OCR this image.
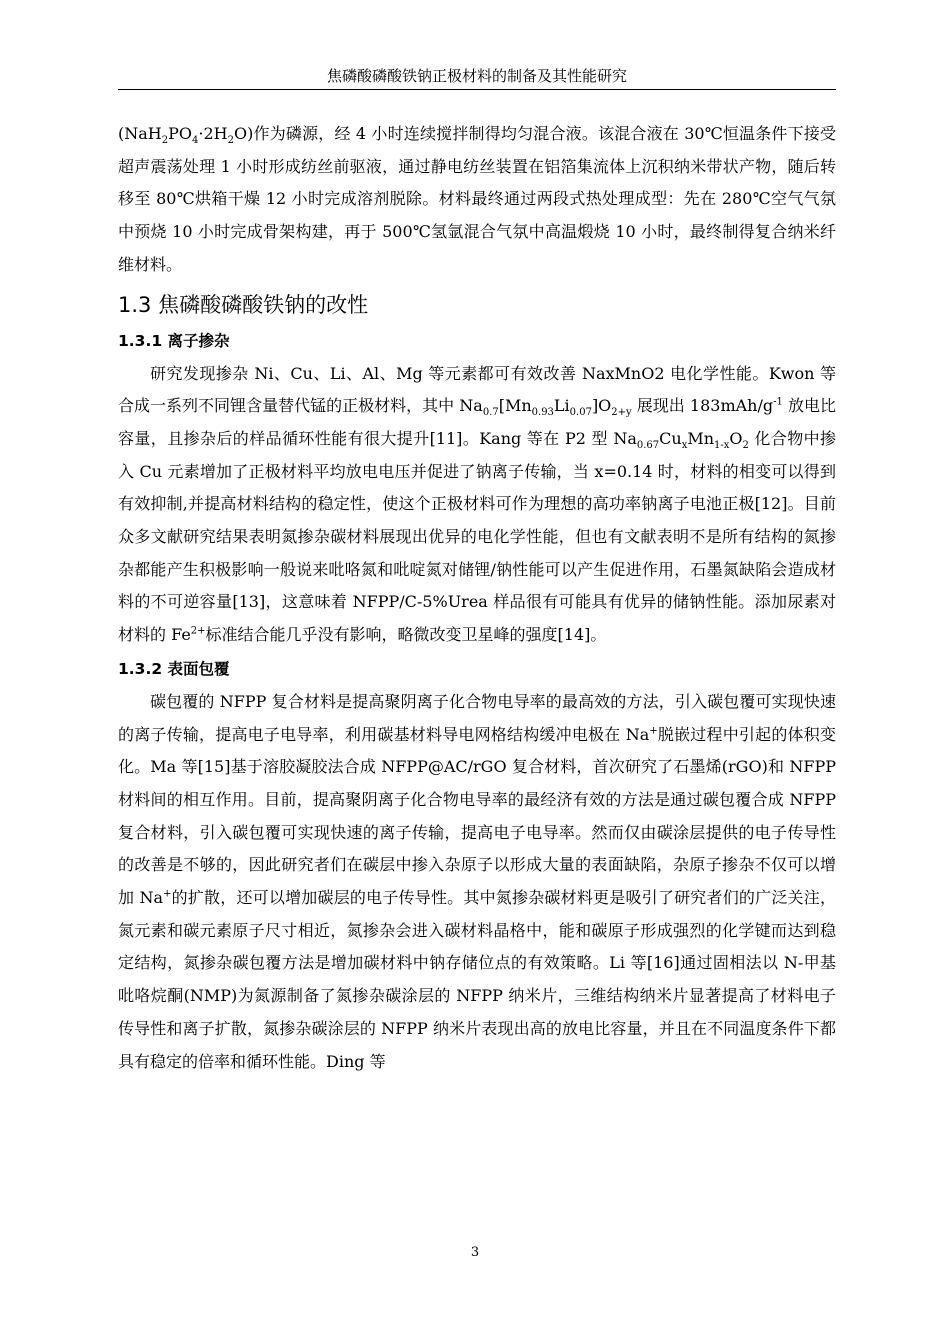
焦磷酸磷酸铁钠正极材料的制备及其性能研究

$(NaH_2PO_4\cdot 2H_2O)$作为磷源，经 4 小时连续搅拌制得均匀混合液。该混合液在 30℃恒温条件下接受超声震荡处理 1 小时形成纺丝前驱液，通过静电纺丝装置在铝箔集流体上沉积纳米带状产物，随后转移至 80℃烘箱干燥 12 小时完成溶剂脱除。材料最终通过两段式热处理成型：先在 280℃空气气氛中预烧 10 小时完成骨架构建，再于 500℃氢氩混合气氛中高温煅烧 10 小时，最终制得复合纳米纤维材料。

1.3 焦磷酸磷酸铁钠的改性
1.3.1 离子掺杂

研究发现掺杂 Ni、Cu、Li、Al、Mg 等元素都可有效改善 NaxMnO2 电化学性能。Kwon 等合成一系列不同锂含量替代锰的正极材料，其中 $Na_{0.7}[Mn_{0.93}Li_{0.07}]O_{2+y}$ 展现出 $183mAh/g^{-1}$ 放电比容量，且掺杂后的样品循环性能有很大提升[11]。Kang 等在 P2 型 $Na_{0.67}Cu_xMn_{1-x}O_2$ 化合物中掺入 Cu 元素增加了正极材料平均放电电压并促进了钠离子传输，当 x=0.14 时，材料的相变可以得到有效抑制,并提高材料结构的稳定性，使这个正极材料可作为理想的高功率钠离子电池正极[12]。目前众多文献研究结果表明氮掺杂碳材料展现出优异的电化学性能，但也有文献表明不是所有结构的氮掺杂都能产生积极影响一般说来吡咯氮和吡啶氮对储锂/钠性能可以产生促进作用，石墨氮缺陷会造成材料的不可逆容量[13]，这意味着 NFPP/C-5%Urea 样品很有可能具有优异的储钠性能。添加尿素对材料的 $Fe^{2+}$标准结合能几乎没有影响，略微改变卫星峰的强度[14]。

1.3.2 表面包覆

碳包覆的 NFPP 复合材料是提高聚阴离子化合物电导率的最高效的方法，引入碳包覆可实现快速的离子传输，提高电子电导率，利用碳基材料导电网格结构缓冲电极在 Na+脱嵌过程中引起的体积变化。Ma 等[15]基于溶胶凝胶法合成 NFPP@AC/rGO 复合材料，首次研究了石墨烯(rGO)和 NFPP 材料间的相互作用。目前，提高聚阴离子化合物电导率的最经济有效的方法是通过碳包覆合成 NFPP 复合材料，引入碳包覆可实现快速的离子传输，提高电子电导率。然而仅由碳涂层提供的电子传导性的改善是不够的，因此研究者们在碳层中掺入杂原子以形成大量的表面缺陷，杂原子掺杂不仅可以增加 Na+的扩散，还可以增加碳层的电子传导性。其中氮掺杂碳材料更是吸引了研究者们的广泛关注，氮元素和碳元素原子尺寸相近，氮掺杂会进入碳材料晶格中，能和碳原子形成强烈的化学键而达到稳定结构，氮掺杂碳包覆方法是增加碳材料中钠存储位点的有效策略。Li 等[16]通过固相法以 N-甲基吡咯烷酮(NMP)为氮源制备了氮掺杂碳涂层的 NFPP 纳米片，三维结构纳米片显著提高了材料电子传导性和离子扩散，氮掺杂碳涂层的 NFPP 纳米片表现出高的放电比容量，并且在不同温度条件下都具有稳定的倍率和循环性能。Ding 等

3
